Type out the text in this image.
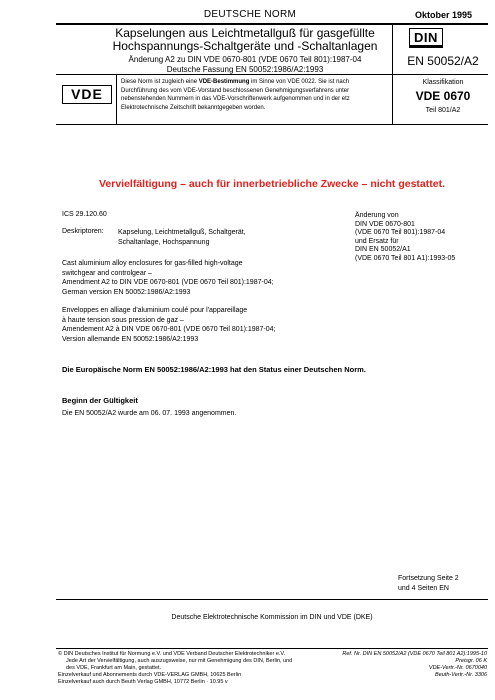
DEUTSCHE NORM	Oktober 1995
Kapselungen aus Leichtmetallguß für gasgefüllte
Hochspannungs-Schaltgeräte und -Schaltanlagen
Änderung A2 zu DIN VDE 0670-801 (VDE 0670 Teil 801):1987-04
Deutsche Fassung EN 50052:1986/A2:1993
DIN
EN 50052/A2
VDE
Diese Norm ist zugleich eine VDE-Bestimmung im Sinne von VDE 0022. Sie ist nach
Durchführung des vom VDE-Vorstand beschlossenen Genehmigungsverfahrens unter
nebenstehenden Nummern in das VDE-Vorschriftenwerk aufgenommen und in der etz
Elektrotechnische Zeitschrift bekanntgegeben worden.
Klassifikation
VDE 0670
Teil 801/A2
Vervielfältigung – auch für innerbetriebliche Zwecke – nicht gestattet.
ICS 29.120.60
Deskriptoren: Kapselung, Leichtmetallguß, Schaltgerät,
Schaltanlage, Hochspannung
Cast aluminium alloy enclosures for gas-filled high-voltage
switchgear and controlgear –
Amendment A2 to DIN VDE 0670-801 (VDE 0670 Teil 801):1987-04;
German version EN 50052:1986/A2:1993
Enveloppes en alliage d'aluminium coulé pour l'appareillage
à haute tension sous pression de gaz –
Amendement A2 à DIN VDE 0670-801 (VDE 0670 Teil 801):1987-04;
Version allemande EN 50052:1986/A2:1993
Änderung von
DIN VDE 0670-801
(VDE 0670 Teil 801):1987-04
und Ersatz für
DIN EN 50052/A1
(VDE 0670 Teil 801 A1):1993-05
Die Europäische Norm EN 50052:1986/A2:1993 hat den Status einer Deutschen Norm.
Beginn der Gültigkeit
Die EN 50052/A2 wurde am 06. 07. 1993 angenommen.
Fortsetzung Seite 2
und 4 Seiten EN
Deutsche Elektrotechnische Kommission im DIN und VDE (DKE)
© DIN Deutsches Institut für Normung e.V. und VDE Verband Deutscher Elektrotechniker e.V.
Jede Art der Vervielfältigung, auch auszugsweise, nur mit Genehmigung des DIN, Berlin, und
des VDE, Frankfurt am Main, gestattet.
Einzelverkauf und Abonnements durch VDE-VERLAG GMBH, 10625 Berlin
Einzelverkauf auch durch Beuth Verlag GMBH, 10772 Berlin · 10.95 v
Ref. Nr. DIN EN 50052/A2 (VDE 0670 Teil 801 A2):1995-10
Preisgr. 06 K
VDE-Vertr.-Nr. 0670040
Beuth-Vertr.-Nr. 3306
